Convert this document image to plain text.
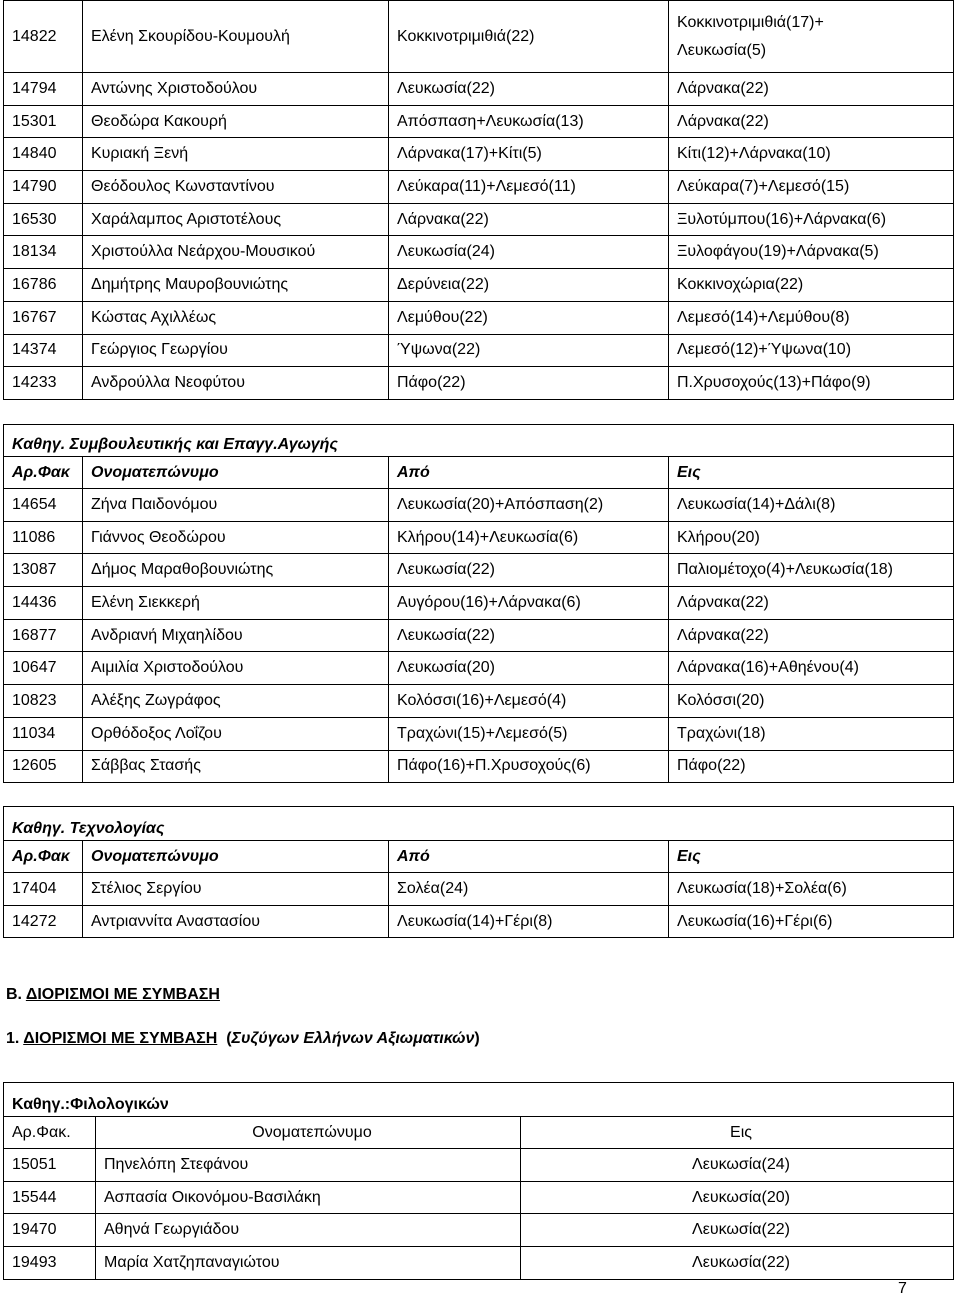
14822	Ελένη Σκουρίδου-Κουμουλή	Κοκκινοτριμιθιά(22)	Κοκκινοτριμιθιά(17)+ Λευκωσία(5)
14794	Αντώνης Χριστοδούλου	Λευκωσία(22)	Λάρνακα(22)
15301	Θεοδώρα Κακουρή	Απόσπαση+Λευκωσία(13)	Λάρνακα(22)
14840	Κυριακή Ξενή	Λάρνακα(17)+Κίτι(5)	Κίτι(12)+Λάρνακα(10)
14790	Θεόδουλος Κωνσταντίνου	Λεύκαρα(11)+Λεμεσό(11)	Λεύκαρα(7)+Λεμεσό(15)
16530	Χαράλαμπος Αριστοτέλους	Λάρνακα(22)	Ξυλοτύμπου(16)+Λάρνακα(6)
18134	Χριστούλλα Νεάρχου-Μουσικού	Λευκωσία(24)	Ξυλοφάγου(19)+Λάρνακα(5)
16786	Δημήτρης Μαυροβουνιώτης	Δερύνεια(22)	Κοκκινοχώρια(22)
16767	Κώστας Αχιλλέως	Λεμύθου(22)	Λεμεσό(14)+Λεμύθου(8)
14374	Γεώργιος Γεωργίου	Ύψωνα(22)	Λεμεσό(12)+Ύψωνα(10)
14233	Ανδρούλλα Νεοφύτου	Πάφο(22)	Π.Χρυσοχούς(13)+Πάφο(9)
Καθηγ. Συμβουλευτικής και Επαγγ.Αγωγής			
Αρ.Φακ	Ονοματεπώνυμο	Από	Εις
14654	Ζήνα Παιδονόμου	Λευκωσία(20)+Απόσπαση(2)	Λευκωσία(14)+Δάλι(8)
11086	Γιάννος Θεοδώρου	Κλήρου(14)+Λευκωσία(6)	Κλήρου(20)
13087	Δήμος Μαραθοβουνιώτης	Λευκωσία(22)	Παλιομέτοχο(4)+Λευκωσία(18)
14436	Ελένη Σιεκκερή	Αυγόρου(16)+Λάρνακα(6)	Λάρνακα(22)
16877	Ανδριανή Μιχαηλίδου	Λευκωσία(22)	Λάρνακα(22)
10647	Αιμιλία Χριστοδούλου	Λευκωσία(20)	Λάρνακα(16)+Αθηένου(4)
10823	Αλέξης Ζωγράφος	Κολόσσι(16)+Λεμεσό(4)	Κολόσσι(20)
11034	Ορθόδοξος Λοΐζου	Τραχώνι(15)+Λεμεσό(5)	Τραχώνι(18)
12605	Σάββας Στασής	Πάφο(16)+Π.Χρυσοχούς(6)	Πάφο(22)
Καθηγ. Τεχνολογίας			
Αρ.Φακ	Ονοματεπώνυμο	Από	Εις
17404	Στέλιος Σεργίου	Σολέα(24)	Λευκωσία(18)+Σολέα(6)
14272	Αντριαννίτα Αναστασίου	Λευκωσία(14)+Γέρι(8)	Λευκωσία(16)+Γέρι(6)
Β. ΔΙΟΡΙΣΜΟΙ ΜΕ ΣΥΜΒΑΣΗ
1. ΔΙΟΡΙΣΜΟΙ ΜΕ ΣΥΜΒΑΣΗ  (Συζύγων Ελλήνων Αξιωματικών)
Καθηγ.:Φιλολογικών		
Αρ.Φακ.	Ονοματεπώνυμο	Εις
15051	Πηνελόπη Στεφάνου	Λευκωσία(24)
15544	Ασπασία Οικονόμου-Βασιλάκη	Λευκωσία(20)
19470	Αθηνά Γεωργιάδου	Λευκωσία(22)
19493	Μαρία Χατζηπαναγιώτου	Λευκωσία(22)
7
